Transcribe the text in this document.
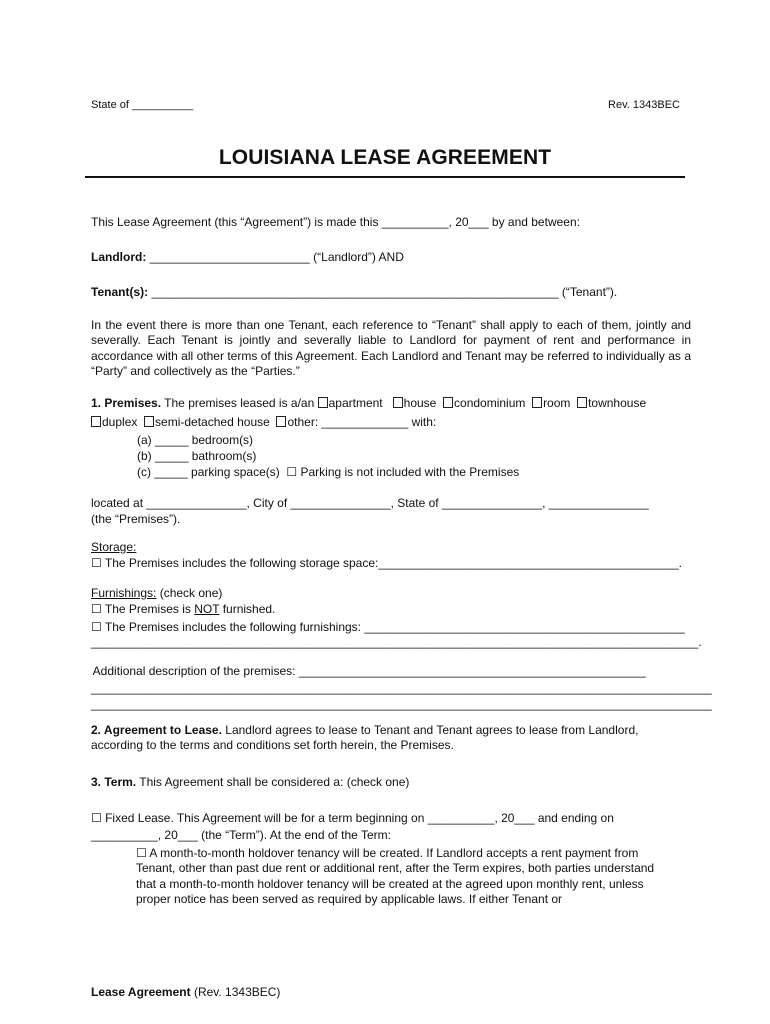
State of __________	Rev. 1343BEC
LOUISIANA LEASE AGREEMENT
This Lease Agreement (this “Agreement”) is made this __________, 20___ by and between:
Landlord: ________________________ (“Landlord”) AND
Tenant(s): _____________________________________________________________ (“Tenant”).
In the event there is more than one Tenant, each reference to “Tenant” shall apply to each of them, jointly and severally. Each Tenant is jointly and severally liable to Landlord for payment of rent and performance in accordance with all other terms of this Agreement. Each Landlord and Tenant may be referred to individually as a “Party” and collectively as the “Parties.”
1. Premises. The premises leased is a/an apartment house condominium room townhouse
duplex semi-detached house other: _____________ with:
(a) _____ bedroom(s)
(b) _____ bathroom(s)
(c) _____ parking space(s) ☐ Parking is not included with the Premises
located at _______________, City of _______________, State of _______________, _______________
(the “Premises”).
Storage:
☐ The Premises includes the following storage space:_____________________________________________.
Furnishings: (check one)
☐ The Premises is NOT furnished.
☐ The Premises includes the following furnishings: ________________________________________________
___________________________________________________________________________________________.
Additional description of the premises: ____________________________________________________
_____________________________________________________________________________________________
_____________________________________________________________________________________________
2. Agreement to Lease. Landlord agrees to lease to Tenant and Tenant agrees to lease from Landlord, according to the terms and conditions set forth herein, the Premises.
3. Term. This Agreement shall be considered a: (check one)
☐ Fixed Lease. This Agreement will be for a term beginning on __________, 20___ and ending on
__________, 20___ (the “Term”). At the end of the Term:
☐ A month-to-month holdover tenancy will be created. If Landlord accepts a rent payment from Tenant, other than past due rent or additional rent, after the Term expires, both parties understand that a month-to-month holdover tenancy will be created at the agreed upon monthly rent, unless proper notice has been served as required by applicable laws. If either Tenant or
Lease Agreement (Rev. 1343BEC)
